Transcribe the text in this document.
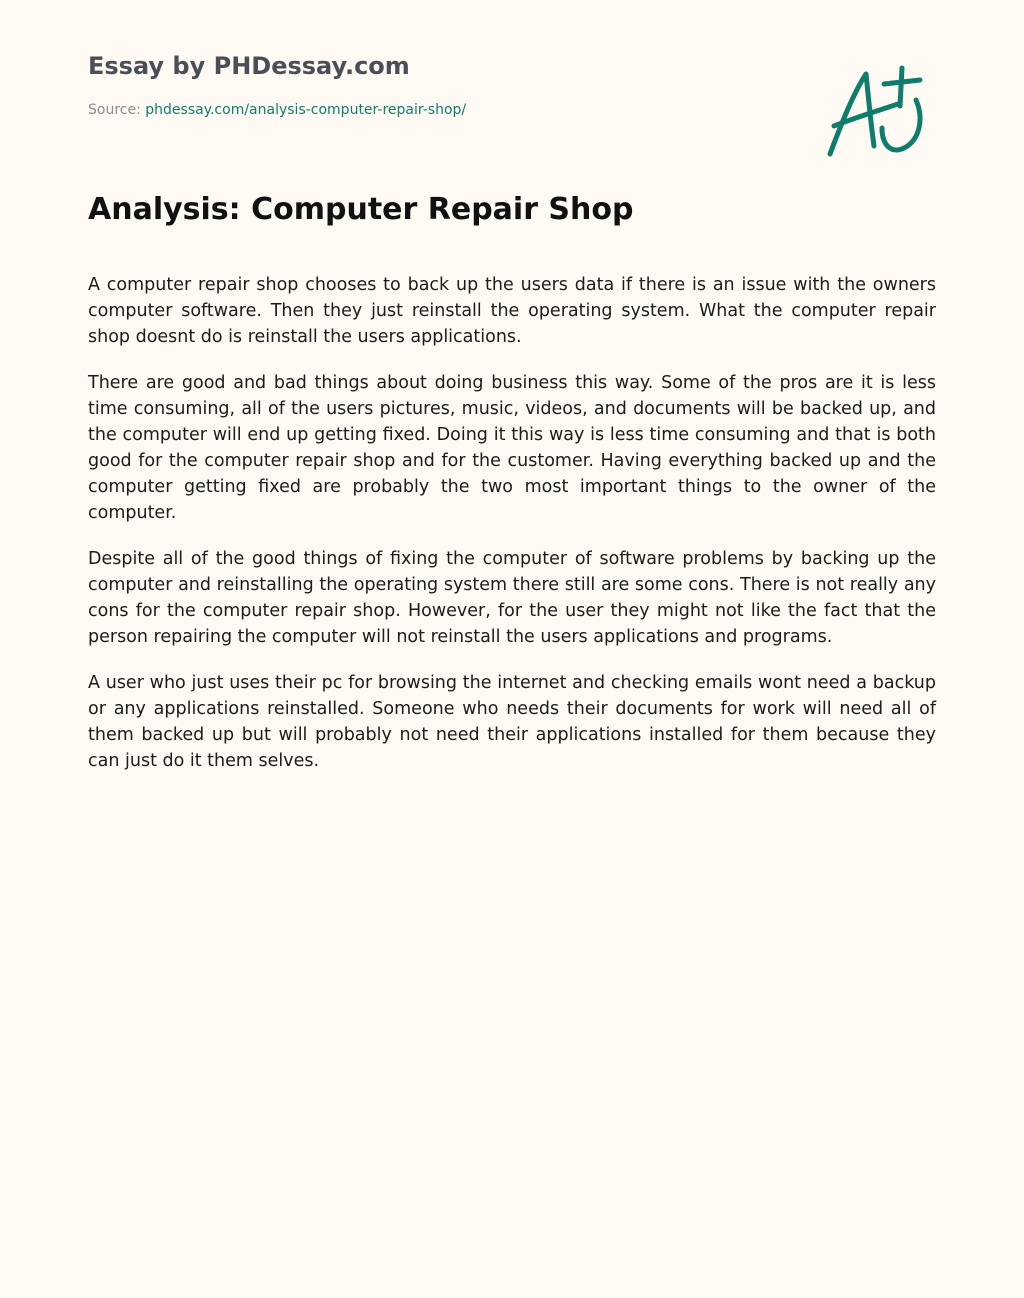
Essay by PHDessay.com
Source: phdessay.com/analysis-computer-repair-shop/
Analysis: Computer Repair Shop

A computer repair shop chooses to back up the users data if there is an issue with the owners computer software. Then they just reinstall the operating system. What the computer repair shop doesnt do is reinstall the users applications.

There are good and bad things about doing business this way. Some of the pros are it is less time consuming, all of the users pictures, music, videos, and documents will be backed up, and the computer will end up getting fixed. Doing it this way is less time consuming and that is both good for the computer repair shop and for the customer. Having everything backed up and the computer getting fixed are probably the two most important things to the owner of the computer.

Despite all of the good things of fixing the computer of software problems by backing up the computer and reinstalling the operating system there still are some cons. There is not really any cons for the computer repair shop. However, for the user they might not like the fact that the person repairing the computer will not reinstall the users applications and programs.

A user who just uses their pc for browsing the internet and checking emails wont need a backup or any applications reinstalled. Someone who needs their documents for work will need all of them backed up but will probably not need their applications installed for them because they can just do it them selves.
